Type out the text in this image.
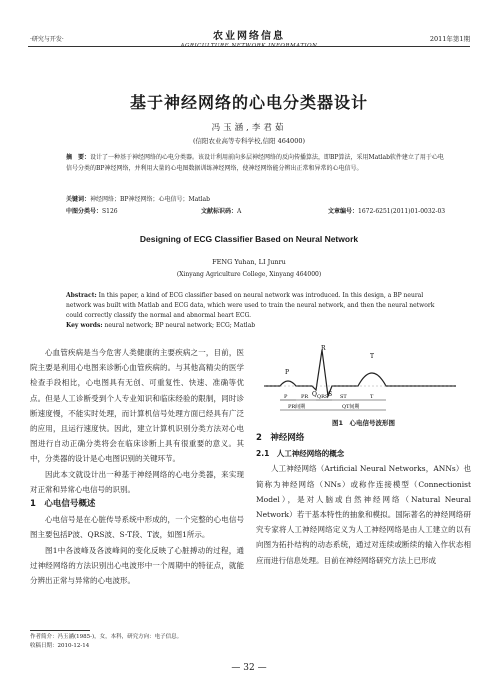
·研究与开发·	农业网络信息
AGRICULTURE NETWORK INFORMATION
2011年第1期
基于神经网络的心电分类器设计
冯玉涵,李君茹
(信阳农业高等专科学校,信阳 464000)
摘　要：设计了一种基于神经网络的心电分类器。该设计利用前向多层神经网络的反向传播算法，即BP算法，采用Matlab软件建立了用于心电信号分类的BP神经网络，并利用大量的心电图数据训练神经网络，使神经网络能分辨出正常和异常的心电信号。
关键词：神经网络；BP神经网络；心电信号；Matlab
中图分类号：S126	文献标识码：A	文章编号：1672-6251(2011)01-0032-03
Designing of ECG Classifier Based on Neural Network
FENG Yuhan, LI Junru
(Xinyang Agriculture College, Xinyang 464000)
Abstract: In this paper, a kind of ECG classifier based on neural network was introduced. In this design, a BP neural network was built with Matlab and ECG data, which were used to train the neural network, and then the neural network could correctly classify the normal and abnormal heart ECG.
Key words: neural network; BP neural network; ECG; Matlab

心血管疾病是当今危害人类健康的主要疾病之一，目前，医院主要是利用心电图来诊断心血管疾病的。与其他高精尖的医学检查手段相比，心电图具有无创、可重复性、快速、准确等优点。但是人工诊断受到个人专业知识和临床经验的限制，同时诊断速度慢，不能实时处理，而计算机信号处理方面已经具有广泛的应用，且运行速度快。因此，建立计算机识别分类方法对心电图进行自动正确分类将会在临床诊断上具有很重要的意义。其中，分类器的设计是心电图识别的关键环节。

因此本文就设计出一种基于神经网络的心电分类器，来实现对正常和异常心电信号的识别。

1　心电信号概述

心电信号是在心脏传导系统中形成的，一个完整的心电信号图主要包括P波、QRS波、S-T段、T波，如图1所示。

图1中各波峰及各波峰间的变化反映了心脏搏动的过程，通过神经网络的方法识别出心电波形中一个周期中的特征点，就能分辨出正常与异常的心电波形。

R
T
P
Q S
P	PR QRS ST	T
PR间期	QT间期
图1　心电信号波形图
2　神经网络
2.1　人工神经网络的概念

人工神经网络（Artificial Neural Networks，ANNs）也简称为神经网络（NNs）或称作连接模型（Connectionist Model），是对人脑或自然神经网络（Natural Neural Network）若干基本特性的抽象和模拟。国际著名的神经网络研究专家将人工神经网络定义为人工神经网络是由人工建立的以有向图为拓扑结构的动态系统，通过对连续或断续的输入作状态相应而进行信息处理。目前在神经网络研究方法上已形成

作者简介：冯玉涵(1985-)，女，本科，研究方向：电子信息。
收稿日期：2010-12-14
— 32 —
